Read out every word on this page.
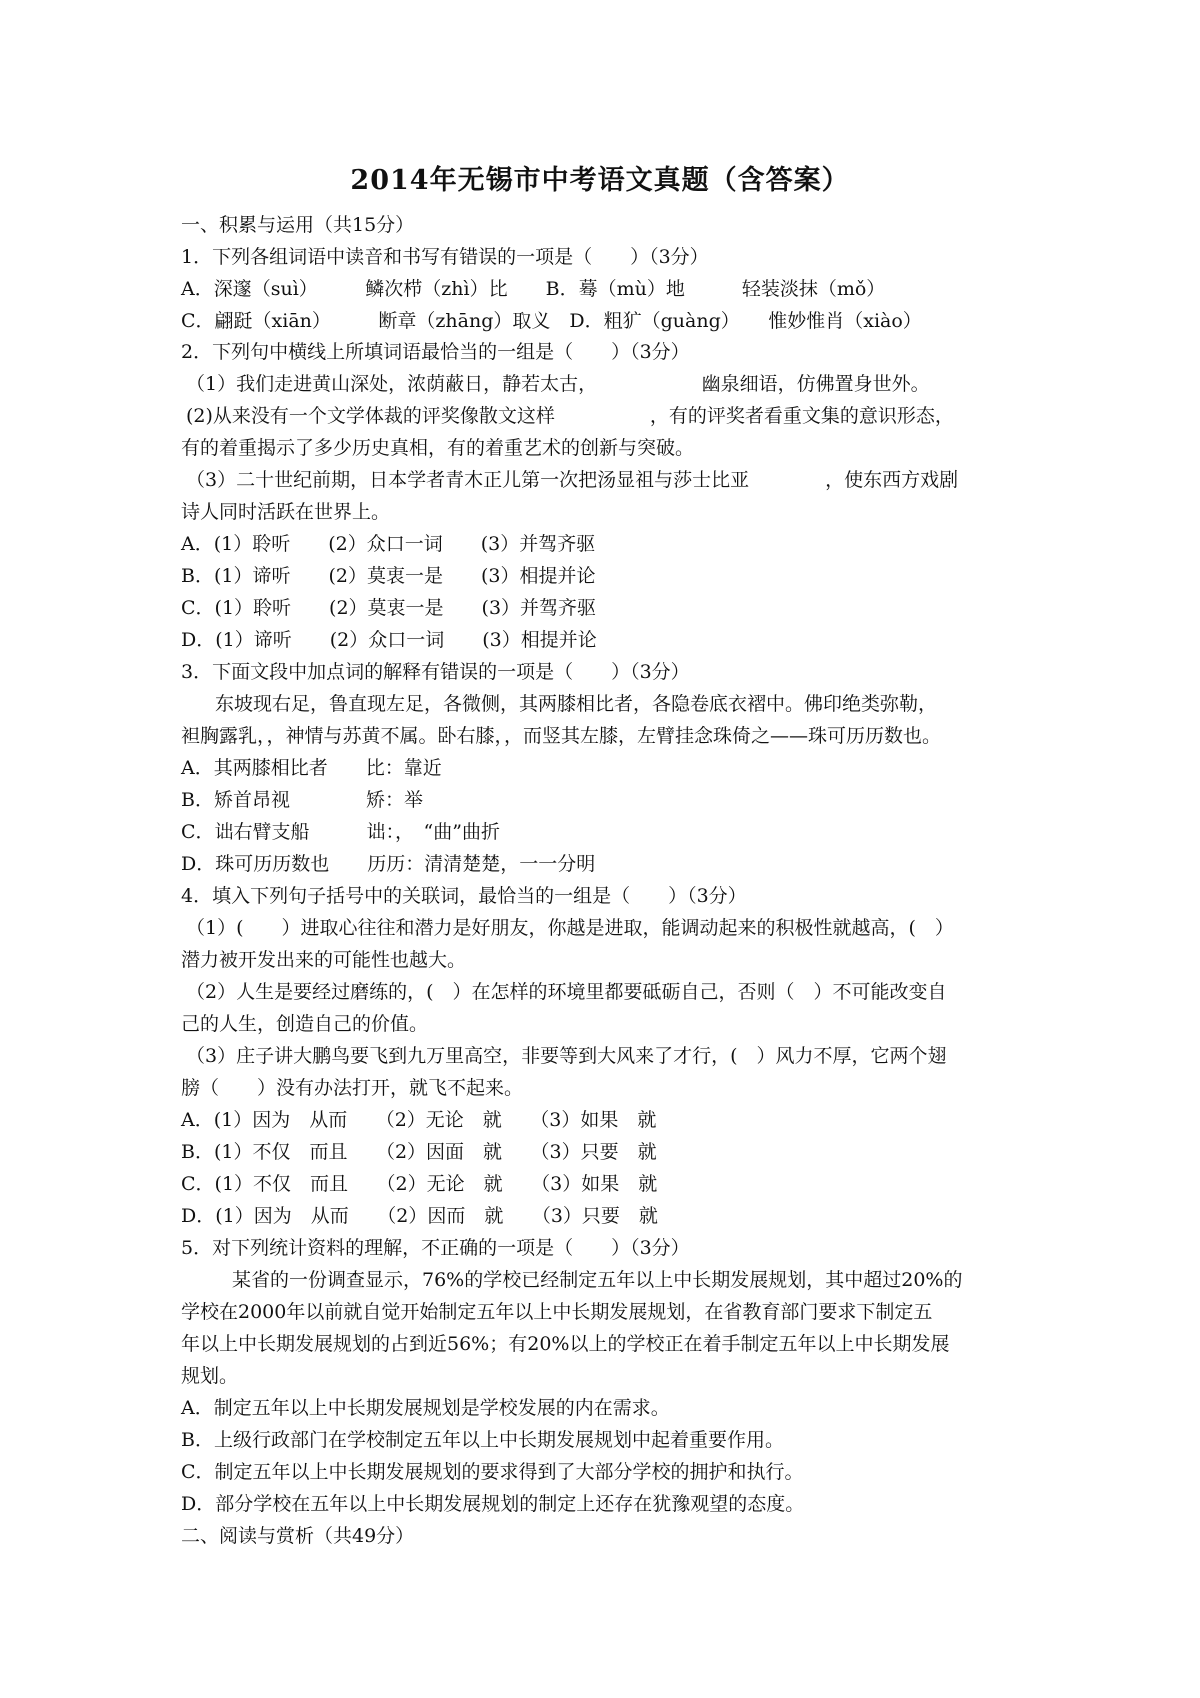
2014年无锡市中考语文真题（含答案）
一、积累与运用（共15分）
1．下列各组词语中读音和书写有错误的一项是（　　）（3分）
A．深邃（suì）　　　鳞次栉（zhì）比　　B．蓦（mù）地　　　轻装淡抹（mǒ）
C．翩跹（xiān）　　　断章（zhāng）取义　D．粗犷（guàng）　　惟妙惟肖（xiào）
2．下列句中横线上所填词语最恰当的一组是（　　）（3分）
（1）我们走进黄山深处，浓荫蔽日，静若太古，　　　　　　幽泉细语，仿佛置身世外。
(2)从来没有一个文学体裁的评奖像散文这样　　　　　，有的评奖者看重文集的意识形态，
有的着重揭示了多少历史真相，有的着重艺术的创新与突破。
（3）二十世纪前期，日本学者青木正儿第一次把汤显祖与莎士比亚　　　　，使东西方戏剧
诗人同时活跃在世界上。
A．(1）聆听　　(2）众口一词　　(3）并驾齐驱
B．(1）谛听　　(2）莫衷一是　　(3）相提并论
C．(1）聆听　　(2）莫衷一是　　(3）并驾齐驱
D．(1）谛听　　(2）众口一词　　(3）相提并论
3．下面文段中加点词的解释有错误的一项是（　　）（3分）
东坡现右足，鲁直现左足，各微侧，其两膝相比者，各隐卷底衣褶中。佛印绝类弥勒，
袒胸露乳，，神情与苏黄不属。卧右膝，，而竖其左膝，左臂挂念珠倚之——珠可历历数也。
A．其两膝相比者　　比：靠近
B．矫首昂视　　　　矫：举
C．诎右臂支船　　　诎：，　“曲”曲折
D．珠可历历数也　　历历：清清楚楚，一一分明
4．填入下列句子括号中的关联词，最恰当的一组是（　　）（3分）
（1）(　　）进取心往往和潜力是好朋友，你越是进取，能调动起来的积极性就越高，(　）
潜力被开发出来的可能性也越大。
（2）人生是要经过磨练的，(　）在怎样的环境里都要砥砺自己，否则（　）不可能改变自
己的人生，创造自己的价值。
（3）庄子讲大鹏鸟要飞到九万里高空，非要等到大风来了才行，(　）风力不厚，它两个翅
膀（　　）没有办法打开，就飞不起来。
A．(1）因为　从而　　（2）无论　就　　（3）如果　就
B．(1）不仅　而且　　（2）因面　就　　（3）只要　就
C．(1）不仅　而且　　（2）无论　就　　（3）如果　就
D．(1）因为　从而　　（2）因而　就　　（3）只要　就
5．对下列统计资料的理解，不正确的一项是（　　）（3分）
某省的一份调查显示，76%的学校已经制定五年以上中长期发展规划，其中超过20%的
学校在2000年以前就自觉开始制定五年以上中长期发展规划，在省教育部门要求下制定五
年以上中长期发展规划的占到近56%；有20%以上的学校正在着手制定五年以上中长期发展
规划。
A．制定五年以上中长期发展规划是学校发展的内在需求。
B．上级行政部门在学校制定五年以上中长期发展规划中起着重要作用。
C．制定五年以上中长期发展规划的要求得到了大部分学校的拥护和执行。
D．部分学校在五年以上中长期发展规划的制定上还存在犹豫观望的态度。
二、阅读与赏析（共49分）
